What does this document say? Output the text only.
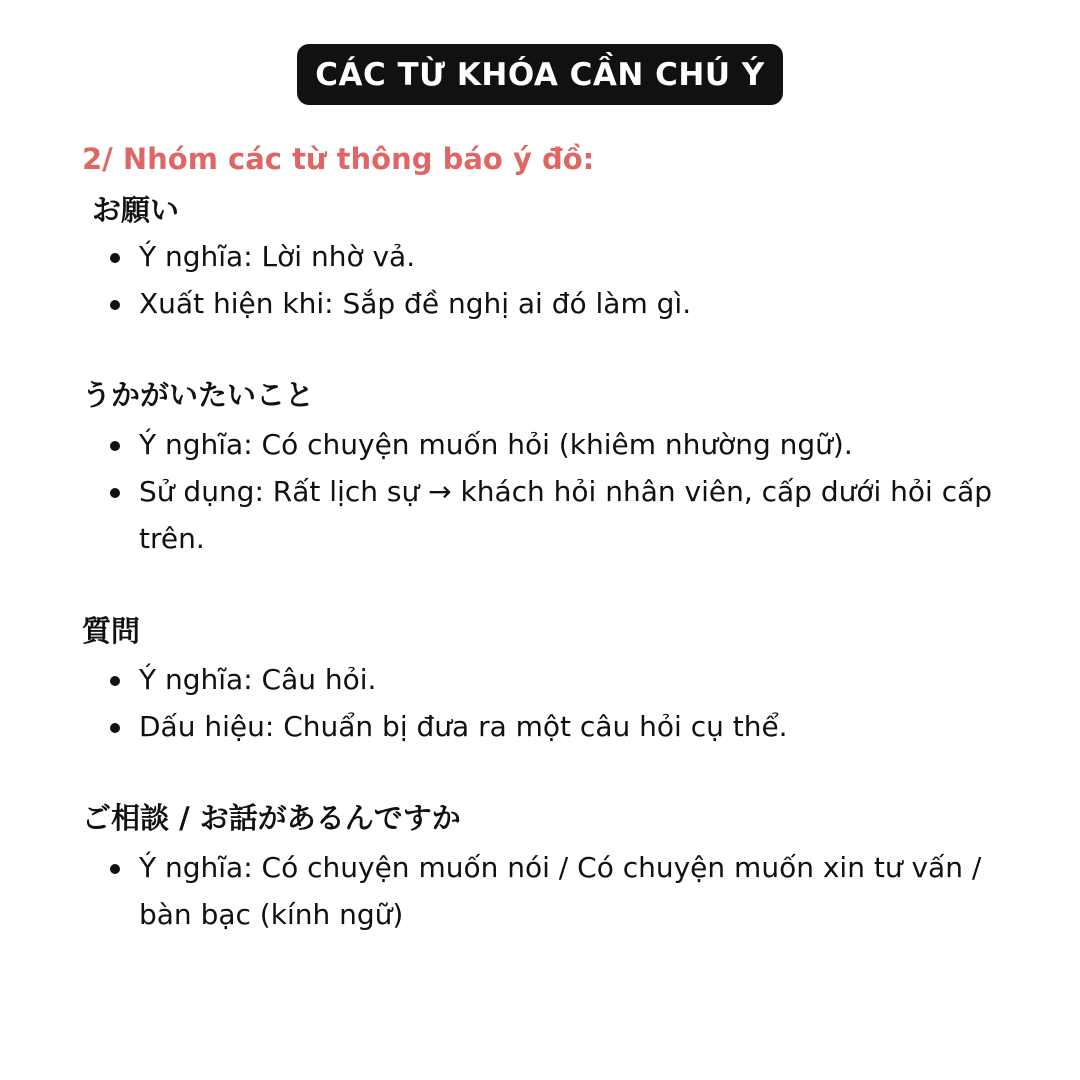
CÁC TỪ KHÓA CẦN CHÚ Ý
2/ Nhóm các từ thông báo ý đồ:
お願い
Ý nghĩa: Lời nhờ vả.
Xuất hiện khi: Sắp đề nghị ai đó làm gì.
うかがいたいこと
Ý nghĩa: Có chuyện muốn hỏi (khiêm nhường ngữ).
Sử dụng: Rất lịch sự → khách hỏi nhân viên, cấp dưới hỏi cấp trên.
質問
Ý nghĩa: Câu hỏi.
Dấu hiệu: Chuẩn bị đưa ra một câu hỏi cụ thể.
ご相談 / お話があるんですか
Ý nghĩa: Có chuyện muốn nói / Có chuyện muốn xin tư vấn / bàn bạc (kính ngữ)
